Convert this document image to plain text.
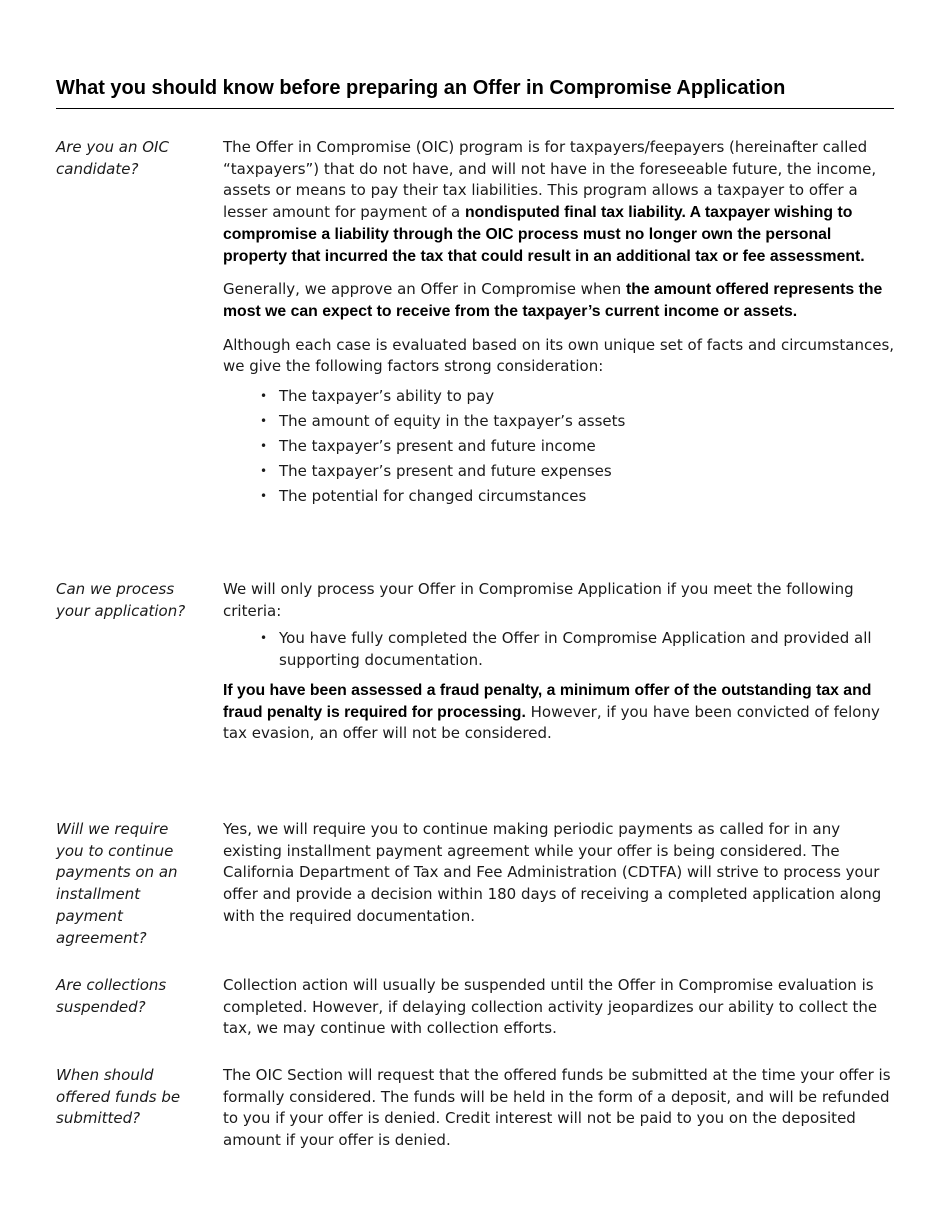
What you should know before preparing an Offer in Compromise Application
Are you an OIC candidate?

The Offer in Compromise (OIC) program is for taxpayers/feepayers (hereinafter called “taxpayers”) that do not have, and will not have in the foreseeable future, the income, assets or means to pay their tax liabilities. This program allows a taxpayer to offer a lesser amount for payment of a nondisputed final tax liability. A taxpayer wishing to compromise a liability through the OIC process must no longer own the personal property that incurred the tax that could result in an additional tax or fee assessment.

Generally, we approve an Offer in Compromise when the amount offered represents the most we can expect to receive from the taxpayer’s current income or assets.

Although each case is evaluated based on its own unique set of facts and circumstances, we give the following factors strong consideration:

• The taxpayer’s ability to pay
• The amount of equity in the taxpayer’s assets
• The taxpayer’s present and future income
• The taxpayer’s present and future expenses
• The potential for changed circumstances
Can we process your application?

We will only process your Offer in Compromise Application if you meet the following criteria:

• You have fully completed the Offer in Compromise Application and provided all supporting documentation.

If you have been assessed a fraud penalty, a minimum offer of the outstanding tax and fraud penalty is required for processing. However, if you have been convicted of felony tax evasion, an offer will not be considered.

Will we require you to continue payments on an installment payment agreement?

Yes, we will require you to continue making periodic payments as called for in any existing installment payment agreement while your offer is being considered. The California Department of Tax and Fee Administration (CDTFA) will strive to process your offer and provide a decision within 180 days of receiving a completed application along with the required documentation.

Are collections suspended?

Collection action will usually be suspended until the Offer in Compromise evaluation is completed. However, if delaying collection activity jeopardizes our ability to collect the tax, we may continue with collection efforts.

When should offered funds be submitted?

The OIC Section will request that the offered funds be submitted at the time your offer is formally considered. The funds will be held in the form of a deposit, and will be refunded to you if your offer is denied. Credit interest will not be paid to you on the deposited amount if your offer is denied.
